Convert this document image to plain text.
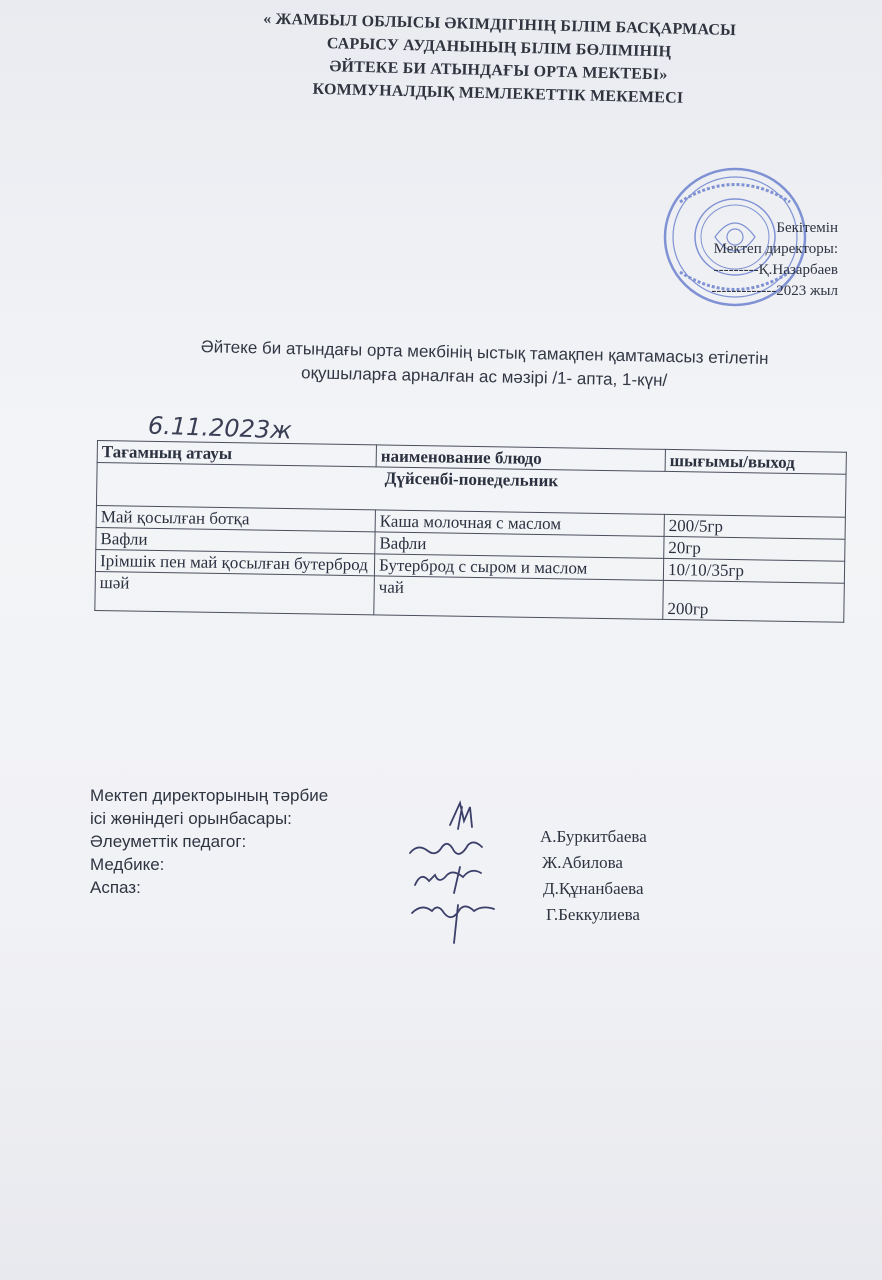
« ЖАМБЫЛ ОБЛЫСЫ ӘКІМДІГІНІҢ БІЛІМ БАСҚАРМАСЫ
САРЫСУ АУДАНЫНЫҢ БІЛІМ БӨЛІМІНІҢ
ӘЙТЕКЕ БИ АТЫНДАҒЫ ОРТА МЕКТЕБІ»
КОММУНАЛДЫҚ МЕМЛЕКЕТТІК МЕКЕМЕСІ
Бекітемін
Мектеп директоры:
---------Қ.Назарбаев
-------------2023 жыл
Әйтеке би атындағы орта мекбінің ыстық тамақпен қамтамасыз етілетін
оқушыларға арналған ас мәзірі /1- апта, 1-күн/
6.11.2023ж
Тағамның атауы	наименование блюдо	шығымы/выход
Дүйсенбі-понедельник		
Май қосылған ботқа	Каша молочная с маслом	200/5гр
Вафли	Вафли	20гр
Ірімшік пен май қосылған бутерброд	Бутерброд с сыром и маслом	10/10/35гр
шәй	чай	200гр
Мектеп директорының тәрбие
ісі жөніндегі орынбасары:
Әлеуметтік педагог:
Медбике:
Аспаз:
А.Буркитбаева
Ж.Абилова
Д.Құнанбаева
Г.Беккулиева
